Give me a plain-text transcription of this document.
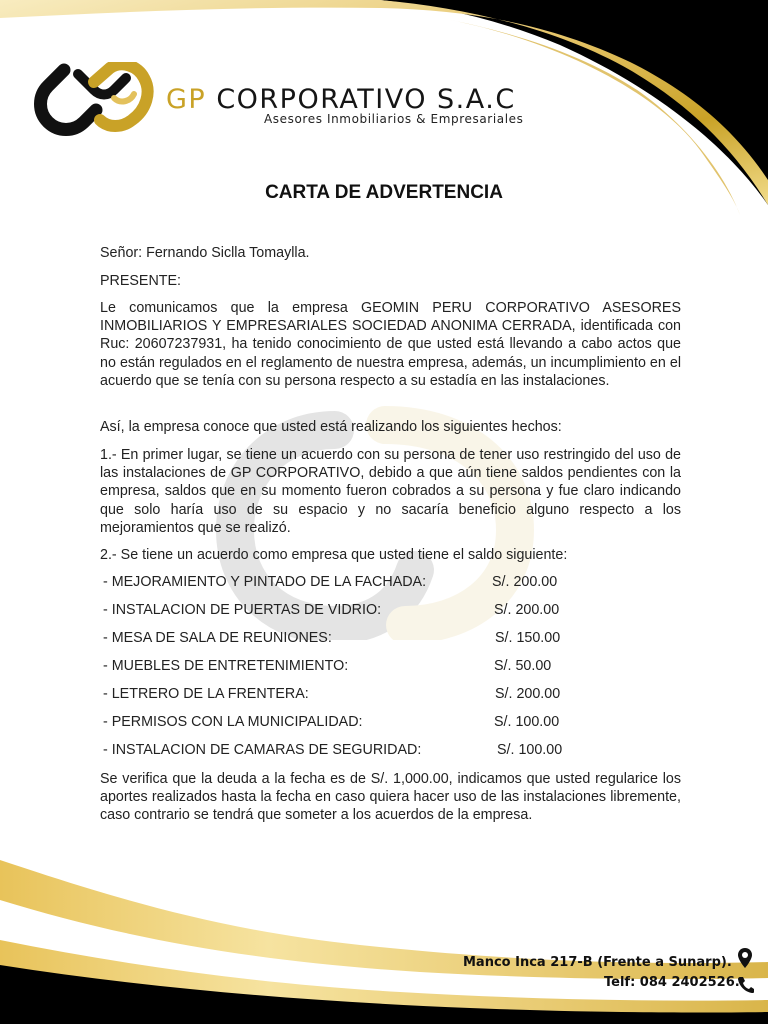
GP CORPORATIVO S.A.C
Asesores Inmobiliarios & Empresariales
CARTA DE ADVERTENCIA
Señor: Fernando Siclla Tomaylla.
PRESENTE:
Le comunicamos que la empresa GEOMIN PERU CORPORATIVO ASESORES INMOBILIARIOS Y EMPRESARIALES SOCIEDAD ANONIMA CERRADA, identificada con Ruc: 20607237931, ha tenido conocimiento de que usted está llevando a cabo actos que no están regulados en el reglamento de nuestra empresa, además, un incumplimiento en el acuerdo que se tenía con su persona respecto a su estadía en las instalaciones.
Así, la empresa conoce que usted está realizando los siguientes hechos:
1.- En primer lugar, se tiene un acuerdo con su persona de tener uso restringido del uso de las instalaciones de GP CORPORATIVO, debido a que aún tiene saldos pendientes con la empresa, saldos que en su momento fueron cobrados a su persona y fue claro indicando que solo haría uso de su espacio y no sacaría beneficio alguno respecto a los mejoramientos que se realizó.
2.- Se tiene un acuerdo como empresa que usted tiene el saldo siguiente:
- MEJORAMIENTO Y PINTADO DE LA FACHADA:	S/. 200.00
- INSTALACION DE PUERTAS DE VIDRIO:	S/. 200.00
- MESA DE SALA DE REUNIONES:	S/. 150.00
- MUEBLES DE ENTRETENIMIENTO:	S/. 50.00
- LETRERO DE LA FRENTERA:	S/. 200.00
- PERMISOS CON LA MUNICIPALIDAD:	S/. 100.00
- INSTALACION DE CAMARAS DE SEGURIDAD:	S/. 100.00
Se verifica que la deuda a la fecha es de S/. 1,000.00, indicamos que usted regularice los aportes realizados hasta la fecha en caso quiera hacer uso de las instalaciones libremente, caso contrario se tendrá que someter a los acuerdos de la empresa.
Manco Inca 217-B (Frente a Sunarp).
Telf: 084 2402526.
